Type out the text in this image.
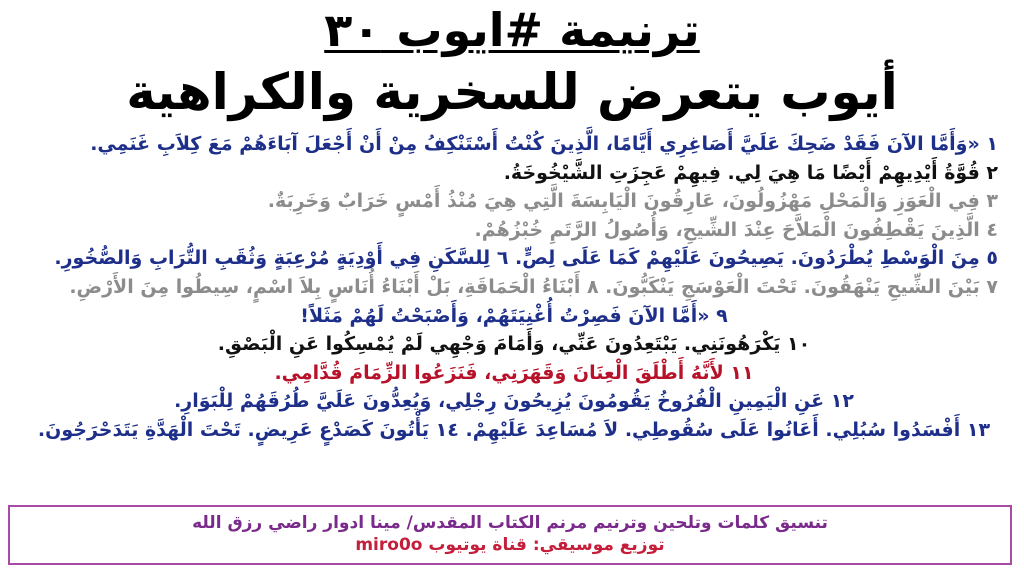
ترنيمة #ايوب ٣٠
أيوب يتعرض للسخرية والكراهية
١ «وَأَمَّا الآنَ فَقَدْ ضَحِكَ عَلَيَّ أَصَاغِرِي أَيَّامًا، الَّذِينَ كُنْتُ أَسْتَنْكِفُ مِنْ أَنْ أَجْعَلَ آبَاءَهُمْ مَعَ كِلاَبِ غَنَمِي.
٢ قُوَّةُ أَيْدِيهِمْ أَيْضًا مَا هِيَ لِي. فِيهِمْ عَجِزَتِ الشَّيْخُوخَةُ.
٣ فِي الْعَوَزِ وَالْمَحْلِ مَهْزُولُونَ، عَارِقُونَ الْيَابِسَةَ الَّتِي هِيَ مُنْذُ أَمْسٍ خَرَابٌ وَخَرِبَةٌ.
٤ الَّذِينَ يَقْطِفُونَ الْمَلاَّحَ عِنْدَ الشِّيحِ، وَأُصُولُ الرَّتَمِ خُبْزُهُمْ.
٥ مِنَ الْوَسْطِ يُطْرَدُونَ. يَصِيحُونَ عَلَيْهِمْ كَمَا عَلَى لِصٍّ. ٦ لِلسَّكَنِ فِي أَوْدِيَةٍ مُرْعِبَةٍ وَثُقَبِ التُّرَابِ وَالصُّخُورِ.
٧ بَيْنَ الشِّيحِ يَنْهَقُونَ. تَحْتَ الْعَوْسَجِ يَنْكَبُّونَ. ٨ أَبْنَاءُ الْحَمَاقَةِ، بَلْ أَبْنَاءُ أُنَاسٍ بِلاَ اسْمٍ، سِيطُوا مِنَ الأَرْضِ.
٩ «أَمَّا الآنَ فَصِرْتُ أُغْنِيَتَهُمْ، وَأَصْبَحْتُ لَهُمْ مَثَلاً!
١٠ يَكْرَهُونَنِي. يَبْتَعِدُونَ عَنِّي، وَأَمَامَ وَجْهِي لَمْ يُمْسِكُوا عَنِ الْبَصْقِ.
١١ لأَنَّهُ أَطْلَقَ الْعِنَانَ وَقَهَرَنِي، فَنَزَعُوا الزِّمَامَ قُدَّامِي.
١٢ عَنِ الْيَمِينِ الْفُرُوخُ يَقُومُونَ يُزِيحُونَ رِجْلِي، وَيُعِدُّونَ عَلَيَّ طُرُقَهُمْ لِلْبَوَارِ.
١٣ أَفْسَدُوا سُبُلِي. أَعَانُوا عَلَى سُقُوطِي. لاَ مُسَاعِدَ عَلَيْهِمْ. ١٤ يَأْتُونَ كَصَدْعٍ عَرِيضٍ. تَحْتَ الْهَدَّةِ يَتَدَحْرَجُونَ.
تنسيق كلمات وتلحين وترنيم مرنم الكتاب المقدس/ مينا ادوار راضي رزق الله
توزيع موسيقي: قناة يوتيوب miro0o
